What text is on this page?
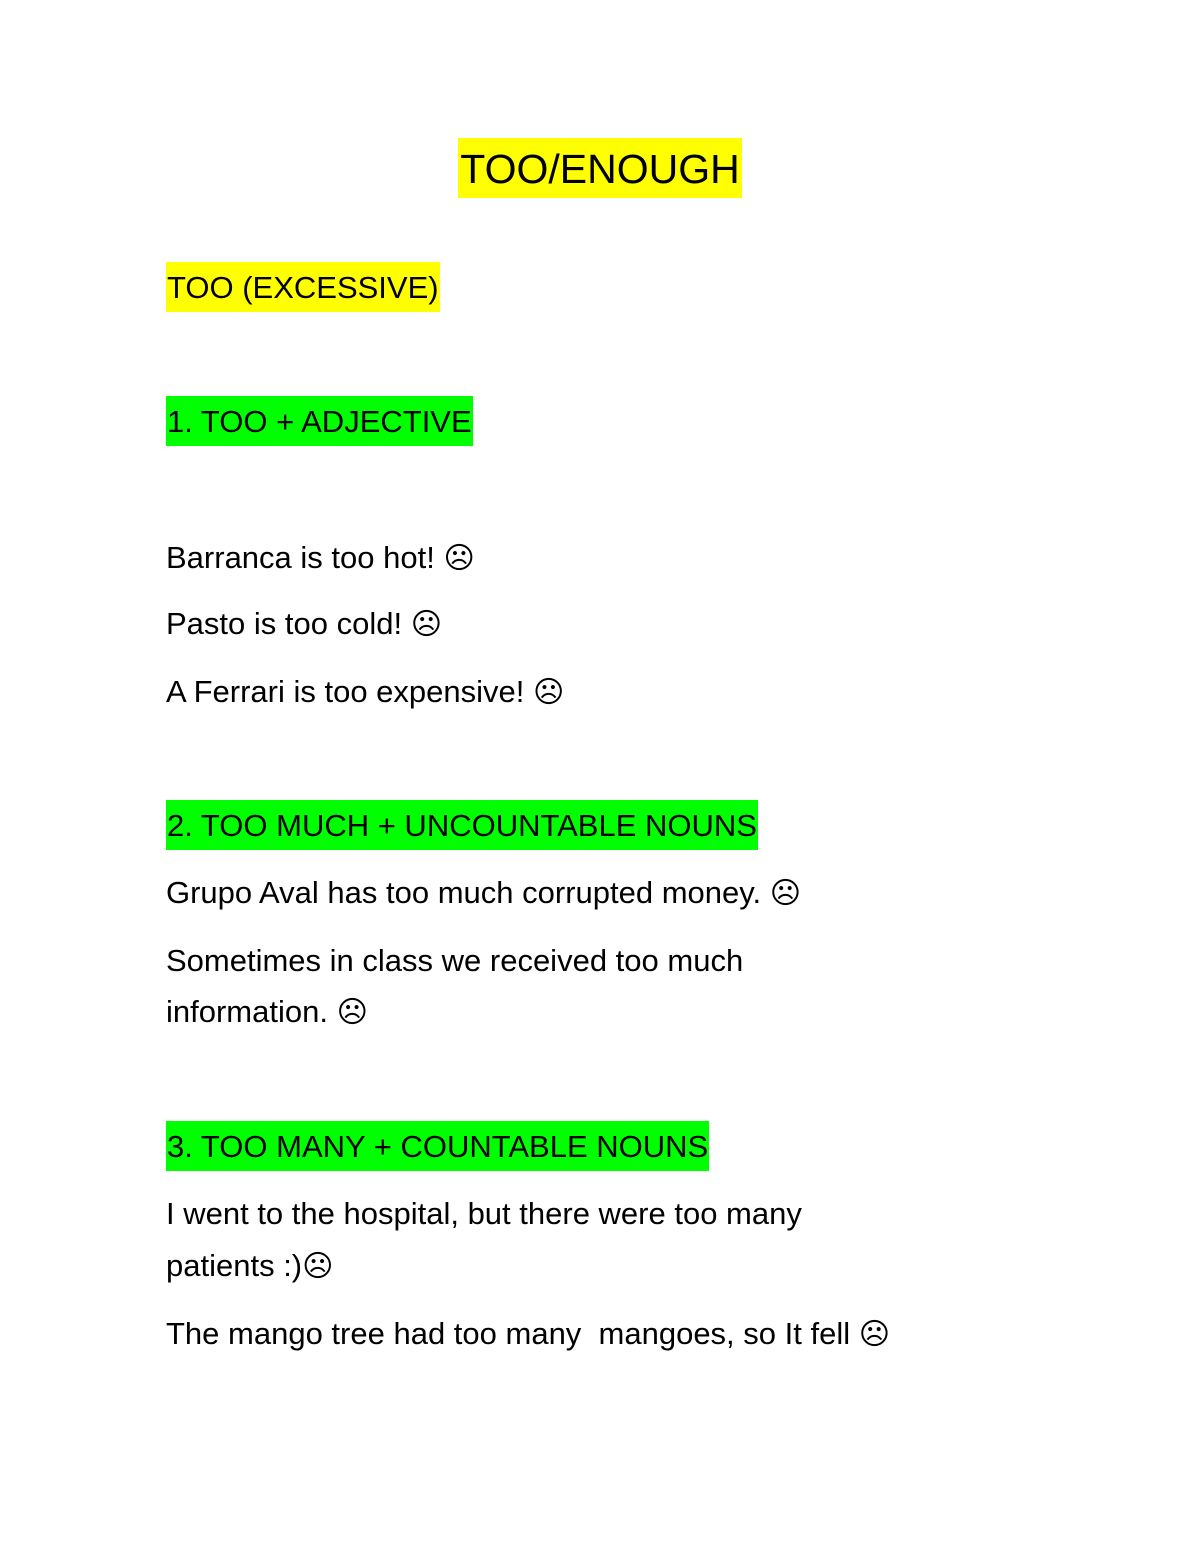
TOO/ENOUGH
TOO (EXCESSIVE)
1. TOO + ADJECTIVE
Barranca is too hot! ☹
Pasto is too cold! ☹
A Ferrari is too expensive! ☹
2. TOO MUCH + UNCOUNTABLE NOUNS
Grupo Aval has too much corrupted money. ☹
Sometimes in class we received too much
information. ☹
3. TOO MANY + COUNTABLE NOUNS
I went to the hospital, but there were too many
patients :)☹
The mango tree had too many  mangoes, so It fell ☹
